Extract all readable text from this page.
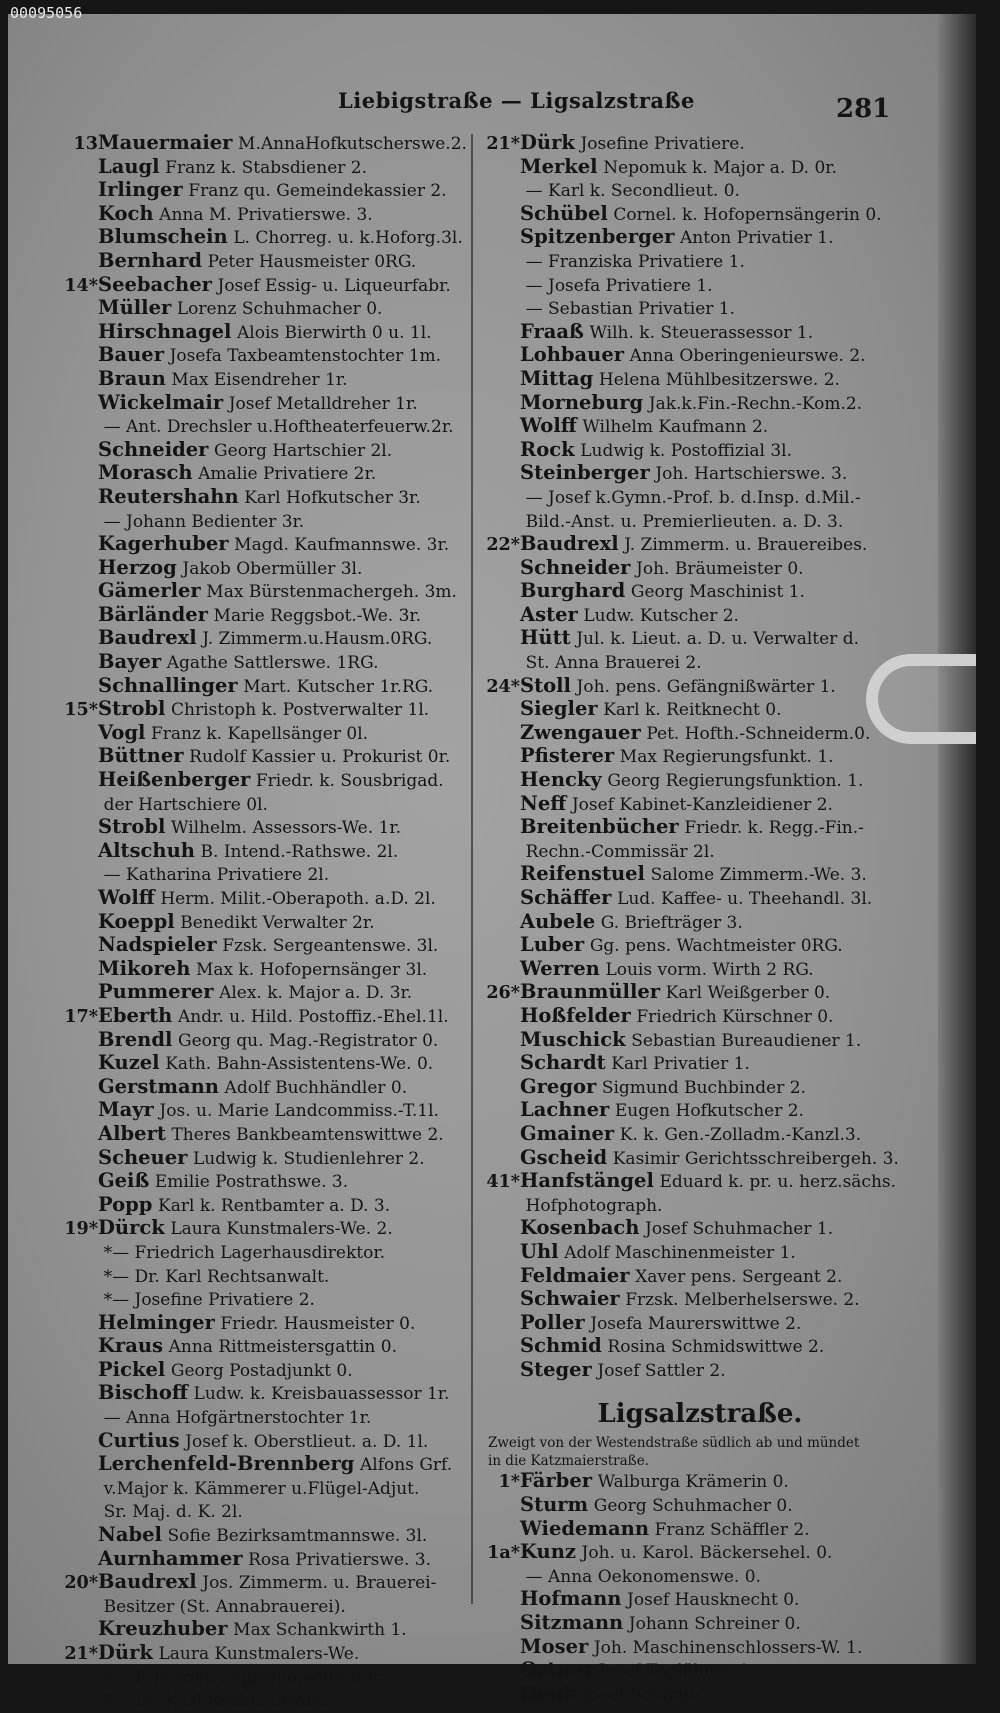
00095056
Liebigstraße — Ligsalzstraße	281
13Mauermaier M.AnnaHofkutscherswe.2.
Laugl Franz k. Stabsdiener 2.
Irlinger Franz qu. Gemeindekassier 2.
Koch Anna M. Privatierswe. 3.
Blumschein L. Chorreg. u. k.Hoforg.3l.
Bernhard Peter Hausmeister 0RG.
14*Seebacher Josef Essig- u. Liqueurfabr.
Müller Lorenz Schuhmacher 0.
Hirschnagel Alois Bierwirth 0 u. 1l.
Bauer Josefa Taxbeamtenstochter 1m.
Braun Max Eisendreher 1r.
Wickelmair Josef Metalldreher 1r.
— Ant. Drechsler u.Hoftheaterfeuerw.2r.
Schneider Georg Hartschier 2l.
Morasch Amalie Privatiere 2r.
Reutershahn Karl Hofkutscher 3r.
— Johann Bedienter 3r.
Kagerhuber Magd. Kaufmannswe. 3r.
Herzog Jakob Obermüller 3l.
Gämerler Max Bürstenmachergeh. 3m.
Bärländer Marie Reggsbot.-We. 3r.
Baudrexl J. Zimmerm.u.Hausm.0RG.
Bayer Agathe Sattlerswe. 1RG.
Schnallinger Mart. Kutscher 1r.RG.
15*Strobl Christoph k. Postverwalter 1l.
Vogl Franz k. Kapellsänger 0l.
Büttner Rudolf Kassier u. Prokurist 0r.
Heißenberger Friedr. k. Sousbrigad.
der Hartschiere 0l.
Strobl Wilhelm. Assessors-We. 1r.
Altschuh B. Intend.-Rathswe. 2l.
— Katharina Privatiere 2l.
Wolff Herm. Milit.-Oberapoth. a.D. 2l.
Koeppl Benedikt Verwalter 2r.
Nadspieler Fzsk. Sergeantenswe. 3l.
Mikoreh Max k. Hofopernsänger 3l.
Pummerer Alex. k. Major a. D. 3r.
17*Eberth Andr. u. Hild. Postoffiz.-Ehel.1l.
Brendl Georg qu. Mag.-Registrator 0.
Kuzel Kath. Bahn-Assistentens-We. 0.
Gerstmann Adolf Buchhändler 0.
Mayr Jos. u. Marie Landcommiss.-T.1l.
Albert Theres Bankbeamtenswittwe 2.
Scheuer Ludwig k. Studienlehrer 2.
Geiß Emilie Postrathswe. 3.
Popp Karl k. Rentbamter a. D. 3.
19*Dürck Laura Kunstmalers-We. 2.
*— Friedrich Lagerhausdirektor.
*— Dr. Karl Rechtsanwalt.
*— Josefine Privatiere 2.
Helminger Friedr. Hausmeister 0.
Kraus Anna Rittmeistersgattin 0.
Pickel Georg Postadjunkt 0.
Bischoff Ludw. k. Kreisbauassessor 1r.
— Anna Hofgärtnerstochter 1r.
Curtius Josef k. Oberstlieut. a. D. 1l.
Lerchenfeld-Brennberg Alfons Grf.
v.Major k. Kämmerer u.Flügel-Adjut.
Sr. Maj. d. K. 2l.
Nabel Sofie Bezirksamtmannswe. 3l.
Aurnhammer Rosa Privatierswe. 3.
20*Baudrexl Jos. Zimmerm. u. Brauerei-
Besitzer (St. Annabrauerei).
Kreuzhuber Max Schankwirth 1.
21*Dürk Laura Kunstmalers-We.
*— Friedrich Lagerhausdirektor.
*— Dr. Karl Rechtsanwalt.
21*Dürk Josefine Privatiere.
Merkel Nepomuk k. Major a. D. 0r.
— Karl k. Secondlieut. 0.
Schübel Cornel. k. Hofopernsängerin 0.
Spitzenberger Anton Privatier 1.
— Franziska Privatiere 1.
— Josefa Privatiere 1.
— Sebastian Privatier 1.
Fraaß Wilh. k. Steuerassessor 1.
Lohbauer Anna Oberingenieurswe. 2.
Mittag Helena Mühlbesitzerswe. 2.
Morneburg Jak.k.Fin.-Rechn.-Kom.2.
Wolff Wilhelm Kaufmann 2.
Rock Ludwig k. Postoffizial 3l.
Steinberger Joh. Hartschierswe. 3.
— Josef k.Gymn.-Prof. b. d.Insp. d.Mil.-
Bild.-Anst. u. Premierlieuten. a. D. 3.
22*Baudrexl J. Zimmerm. u. Brauereibes.
Schneider Joh. Bräumeister 0.
Burghard Georg Maschinist 1.
Aster Ludw. Kutscher 2.
Hütt Jul. k. Lieut. a. D. u. Verwalter d.
St. Anna Brauerei 2.
24*Stoll Joh. pens. Gefängnißwärter 1.
Siegler Karl k. Reitknecht 0.
Zwengauer Pet. Hofth.-Schneiderm.0.
Pfisterer Max Regierungsfunkt. 1.
Hencky Georg Regierungsfunktion. 1.
Neff Josef Kabinet-Kanzleidiener 2.
Breitenbücher Friedr. k. Regg.-Fin.-
Rechn.-Commissär 2l.
Reifenstuel Salome Zimmerm.-We. 3.
Schäffer Lud. Kaffee- u. Theehandl. 3l.
Aubele G. Briefträger 3.
Luber Gg. pens. Wachtmeister 0RG.
Werren Louis vorm. Wirth 2 RG.
26*Braunmüller Karl Weißgerber 0.
Hoßfelder Friedrich Kürschner 0.
Muschick Sebastian Bureaudiener 1.
Schardt Karl Privatier 1.
Gregor Sigmund Buchbinder 2.
Lachner Eugen Hofkutscher 2.
Gmainer K. k. Gen.-Zolladm.-Kanzl.3.
Gscheid Kasimir Gerichtsschreibergeh. 3.
41*Hanfstängel Eduard k. pr. u. herz.sächs.
Hofphotograph.
Kosenbach Josef Schuhmacher 1.
Uhl Adolf Maschinenmeister 1.
Feldmaier Xaver pens. Sergeant 2.
Schwaier Frzsk. Melberhelserswe. 2.
Poller Josefa Maurerswittwe 2.
Schmid Rosina Schmidswittwe 2.
Steger Josef Sattler 2.
Ligsalzstraße.
Zweigt von der Westendstraße südlich ab und mündet
in die Katzmaierstraße.
1*Färber Walburga Krämerin 0.
Sturm Georg Schuhmacher 0.
Wiedemann Franz Schäffler 2.
1a*Kunz Joh. u. Karol. Bäckersehel. 0.
— Anna Oekonomenswe. 0.
Hofmann Josef Hausknecht 0.
Sitzmann Johann Schreiner 0.
Moser Joh. Maschinenschlossers-W. 1.
Ortner Josef Taglöhner 1
Denk Josef Schmid 2.
